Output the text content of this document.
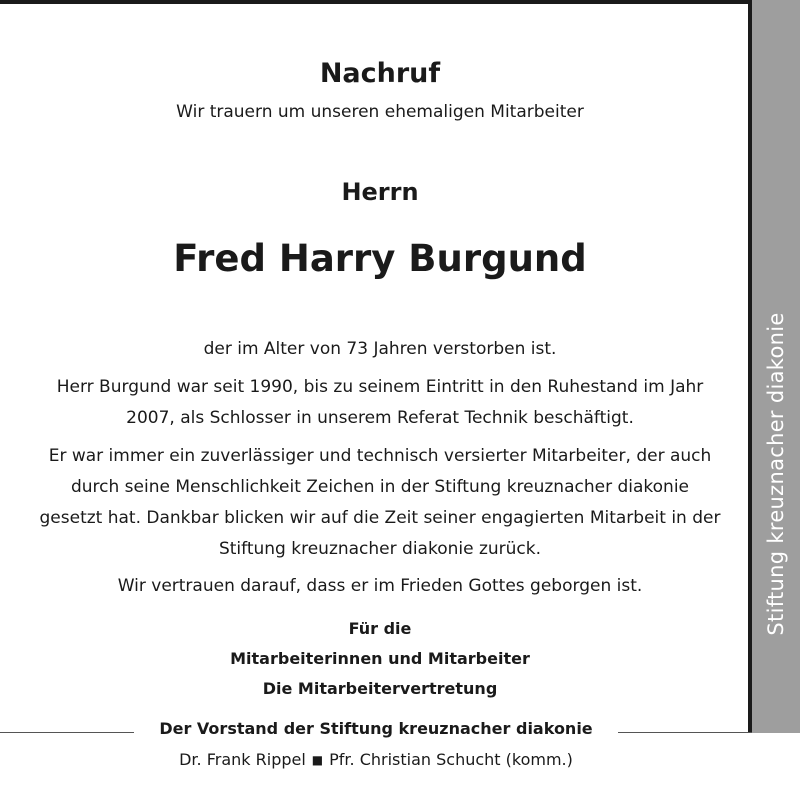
Stiftung kreuznacher diakonie
Nachruf
Wir trauern um unseren ehemaligen Mitarbeiter
Herrn
Fred Harry Burgund
der im Alter von 73 Jahren verstorben ist.
Herr Burgund war seit 1990, bis zu seinem Eintritt in den Ruhestand im Jahr
2007, als Schlosser in unserem Referat Technik beschäftigt.
Er war immer ein zuverlässiger und technisch versierter Mitarbeiter, der auch
durch seine Menschlichkeit Zeichen in der Stiftung kreuznacher diakonie
gesetzt hat. Dankbar blicken wir auf die Zeit seiner engagierten Mitarbeit in der
Stiftung kreuznacher diakonie zurück.
Wir vertrauen darauf, dass er im Frieden Gottes geborgen ist.
Für die
Mitarbeiterinnen und Mitarbeiter
Die Mitarbeitervertretung
Der Vorstand der Stiftung kreuznacher diakonie
Dr. Frank Rippel ■ Pfr. Christian Schucht (komm.)
